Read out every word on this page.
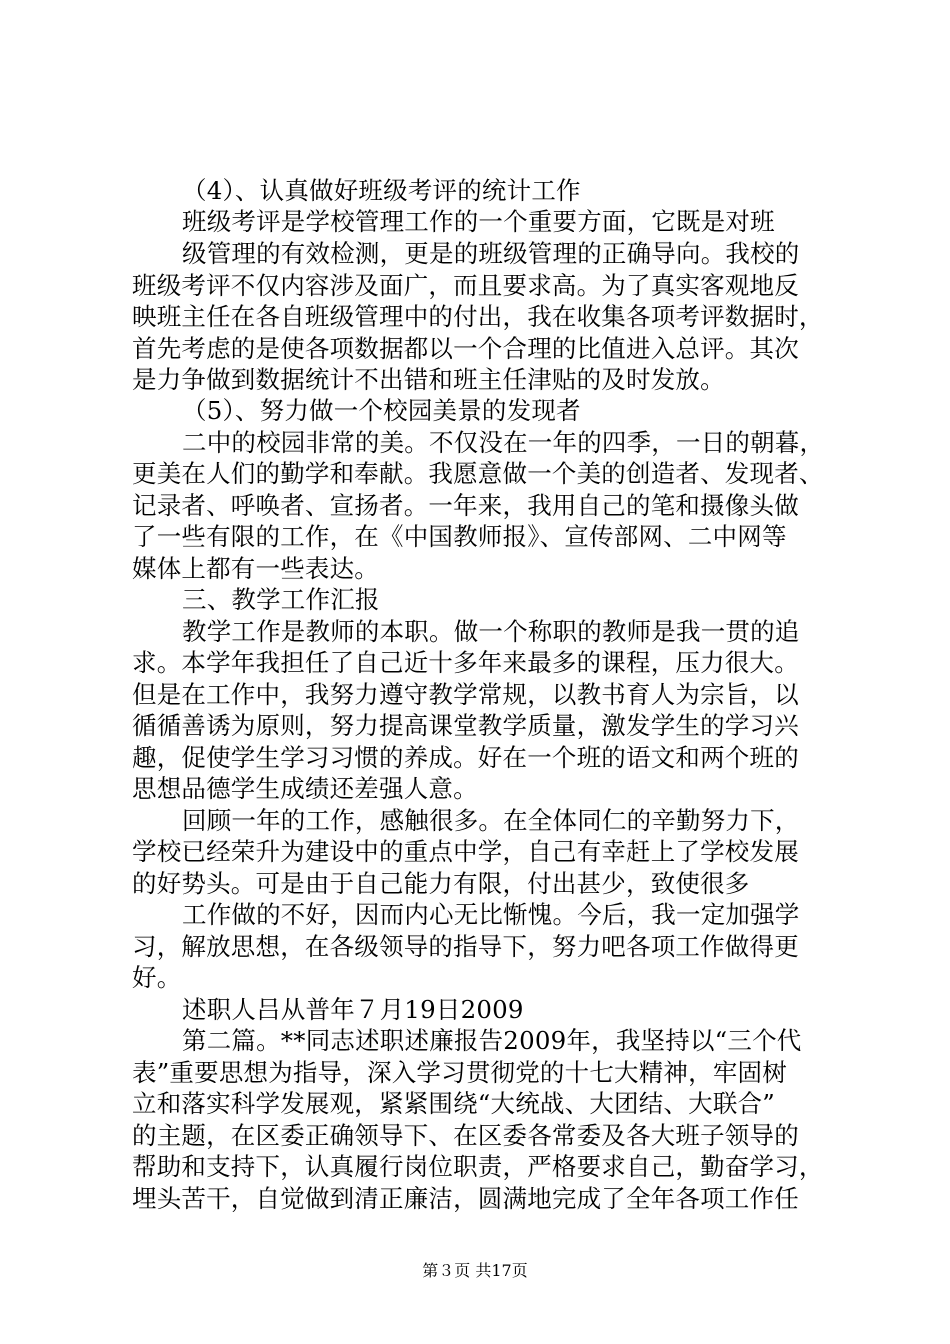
（4）、认真做好班级考评的统计工作
班级考评是学校管理工作的一个重要方面，它既是对班
级管理的有效检测，更是的班级管理的正确导向。我校的
班级考评不仅内容涉及面广，而且要求高。为了真实客观地反
映班主任在各自班级管理中的付出，我在收集各项考评数据时，
首先考虑的是使各项数据都以一个合理的比值进入总评。其次
是力争做到数据统计不出错和班主任津贴的及时发放。
（5）、努力做一个校园美景的发现者
二中的校园非常的美。不仅没在一年的四季，一日的朝暮，
更美在人们的勤学和奉献。我愿意做一个美的创造者、发现者、
记录者、呼唤者、宣扬者。一年来，我用自己的笔和摄像头做
了一些有限的工作，在《中国教师报》、宣传部网、二中网等
媒体上都有一些表达。
三、教学工作汇报
教学工作是教师的本职。做一个称职的教师是我一贯的追
求。本学年我担任了自己近十多年来最多的课程，压力很大。
但是在工作中，我努力遵守教学常规，以教书育人为宗旨，以
循循善诱为原则，努力提高课堂教学质量，激发学生的学习兴
趣，促使学生学习习惯的养成。好在一个班的语文和两个班的
思想品德学生成绩还差强人意。
回顾一年的工作，感触很多。在全体同仁的辛勤努力下，
学校已经荣升为建设中的重点中学，自己有幸赶上了学校发展
的好势头。可是由于自己能力有限，付出甚少，致使很多
工作做的不好，因而内心无比惭愧。今后，我一定加强学
习，解放思想，在各级领导的指导下，努力吧各项工作做得更
好。
述职人吕从普年７月19日2009
第二篇。**同志述职述廉报告2009年，我坚持以“三个代
表”重要思想为指导，深入学习贯彻党的十七大精神，牢固树
立和落实科学发展观，紧紧围绕“大统战、大团结、大联合”
的主题，在区委正确领导下、在区委各常委及各大班子领导的
帮助和支持下，认真履行岗位职责，严格要求自己，勤奋学习，
埋头苦干，自觉做到清正廉洁，圆满地完成了全年各项工作任
第３页 共17页
